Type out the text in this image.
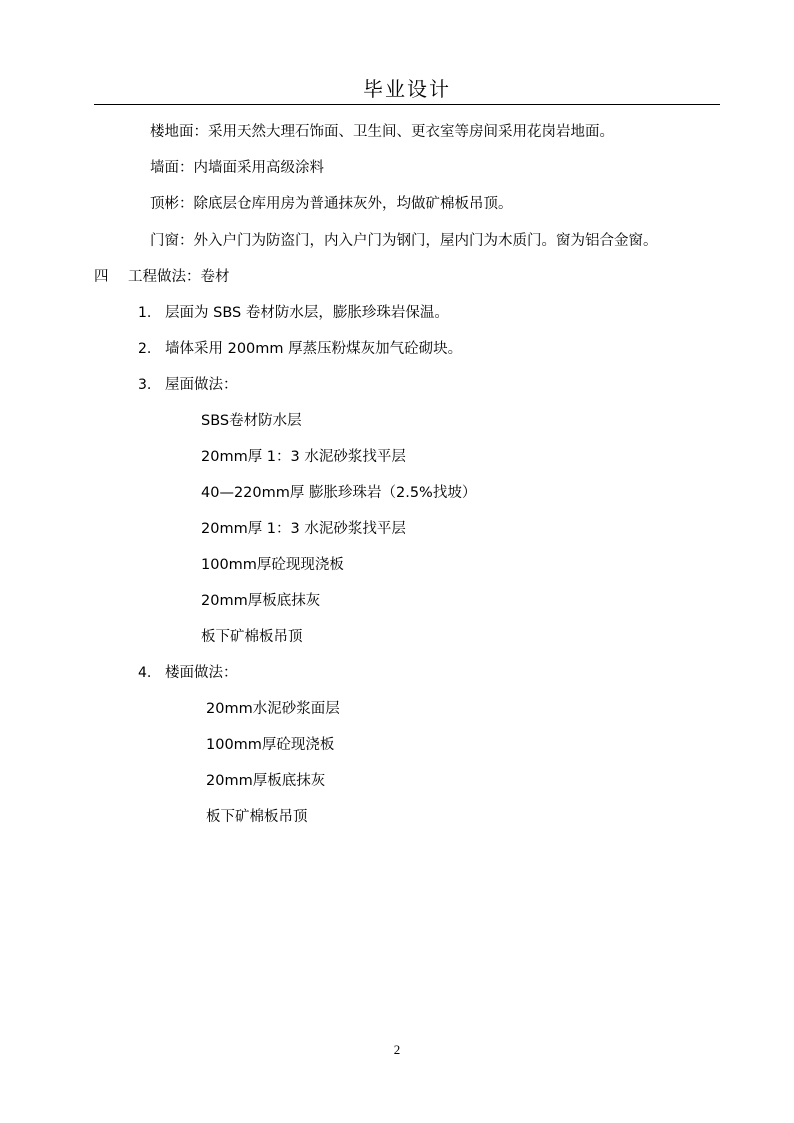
毕业设计
楼地面：采用天然大理石饰面、卫生间、更衣室等房间采用花岗岩地面。
墙面：内墙面采用高级涂料
顶彬：除底层仓库用房为普通抹灰外，均做矿棉板吊顶。
门窗：外入户门为防盗门，内入户门为钢门，屋内门为木质门。窗为铝合金窗。
四 工程做法：卷材
1. 层面为 SBS 卷材防水层，膨胀珍珠岩保温。
2. 墙体采用 200mm 厚蒸压粉煤灰加气砼砌块。
3. 屋面做法：
SBS卷材防水层
20mm厚 1：3 水泥砂浆找平层
40—220mm厚 膨胀珍珠岩（2.5%找坡）
20mm厚 1：3 水泥砂浆找平层
100mm厚砼现现浇板
20mm厚板底抹灰
板下矿棉板吊顶
4. 楼面做法：
20mm水泥砂浆面层
100mm厚砼现浇板
20mm厚板底抹灰
板下矿棉板吊顶
2
